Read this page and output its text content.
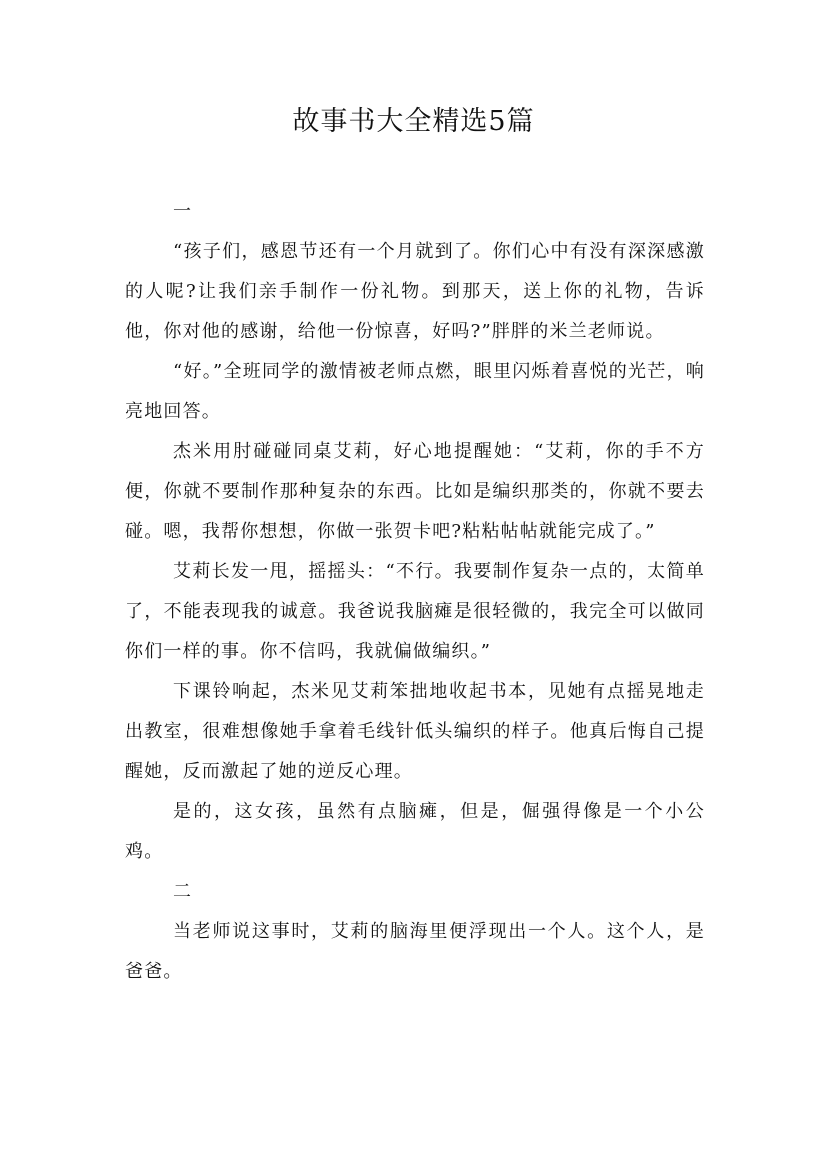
故事书大全精选5篇

一

“孩子们，感恩节还有一个月就到了。你们心中有没有深深感激的人呢?让我们亲手制作一份礼物。到那天，送上你的礼物，告诉他，你对他的感谢，给他一份惊喜，好吗?”胖胖的米兰老师说。

“好。”全班同学的激情被老师点燃，眼里闪烁着喜悦的光芒，响亮地回答。

杰米用肘碰碰同桌艾莉，好心地提醒她：“艾莉，你的手不方便，你就不要制作那种复杂的东西。比如是编织那类的，你就不要去碰。嗯，我帮你想想，你做一张贺卡吧?粘粘帖帖就能完成了。”

艾莉长发一甩，摇摇头：“不行。我要制作复杂一点的，太简单了，不能表现我的诚意。我爸说我脑瘫是很轻微的，我完全可以做同你们一样的事。你不信吗，我就偏做编织。”

下课铃响起，杰米见艾莉笨拙地收起书本，见她有点摇晃地走出教室，很难想像她手拿着毛线针低头编织的样子。他真后悔自己提醒她，反而激起了她的逆反心理。

是的，这女孩，虽然有点脑瘫，但是，倔强得像是一个小公鸡。

二

当老师说这事时，艾莉的脑海里便浮现出一个人。这个人，是爸爸。
